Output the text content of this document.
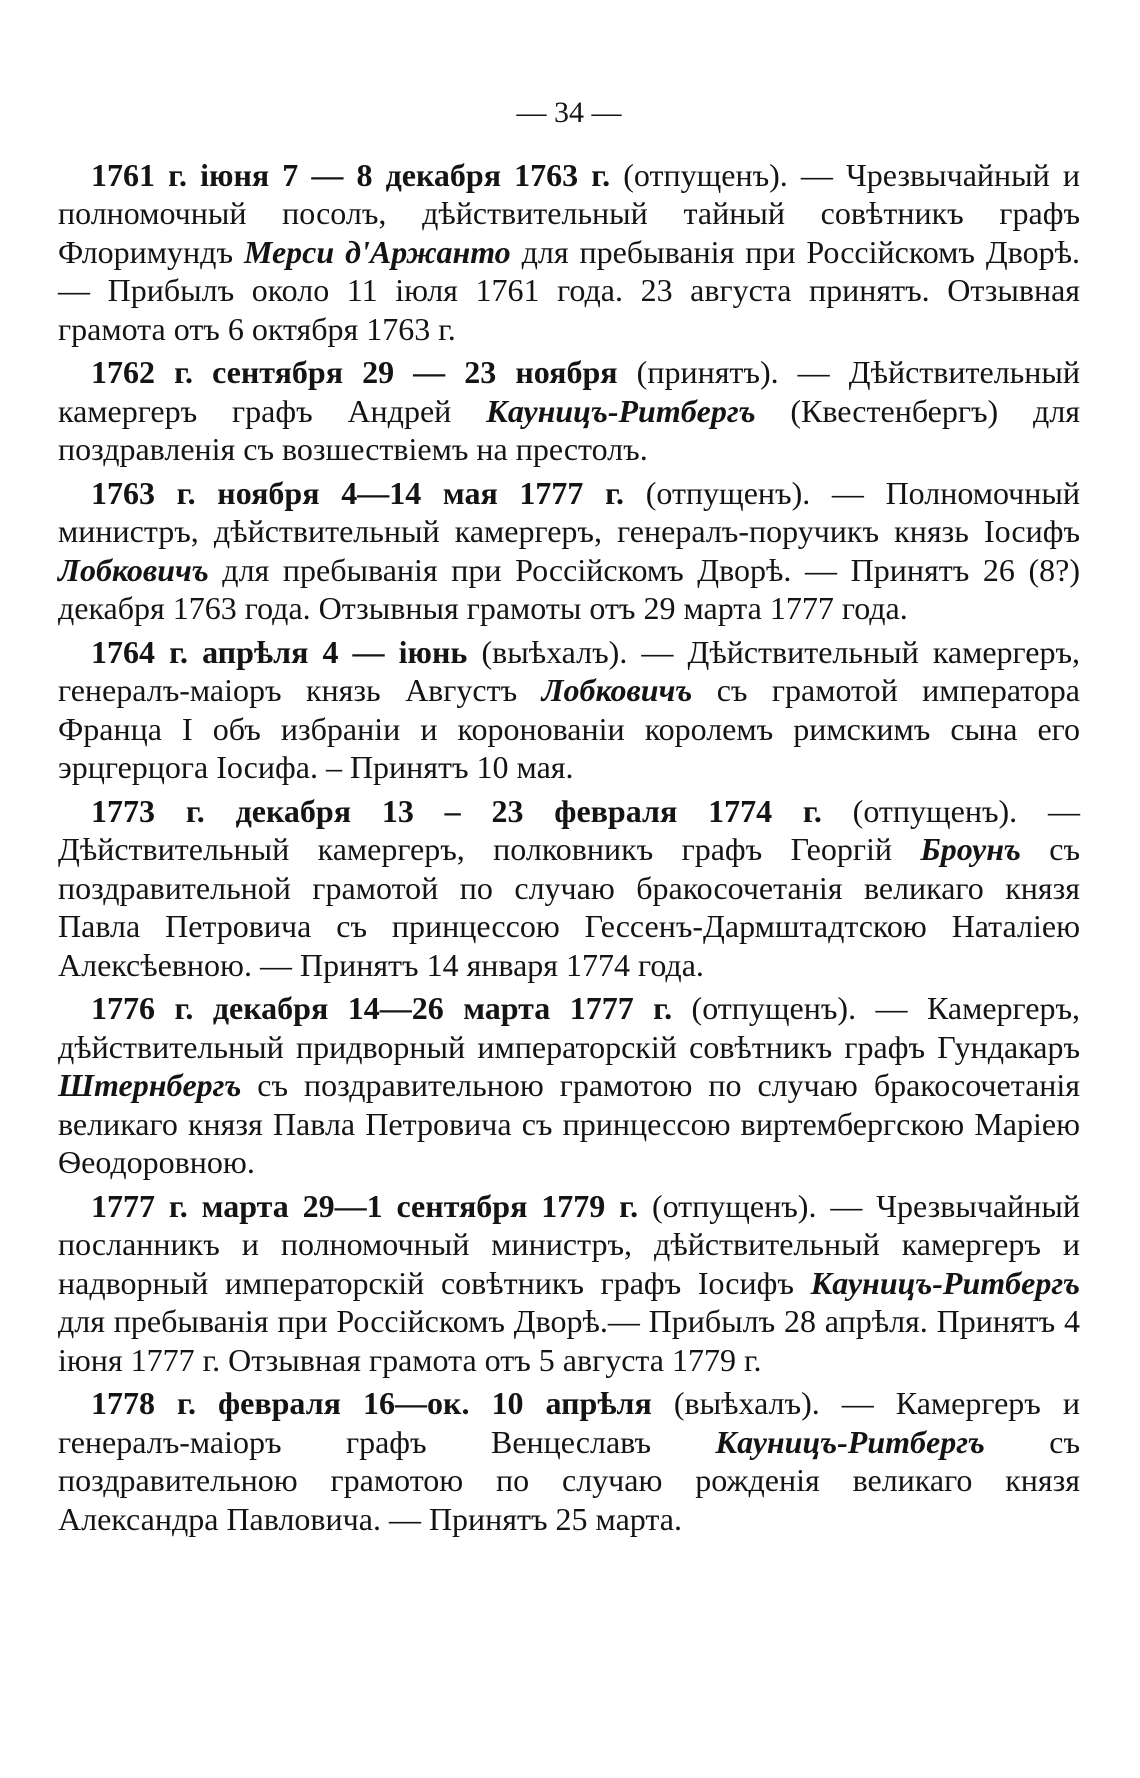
— 34 —

1761 г. іюня 7 — 8 декабря 1763 г. (отпущенъ). — Чрезвычайный и полномочный посолъ, дѣйствительный тайный совѣтникъ графъ Флоримундъ Мерси д'Аржанто для пребыванія при Россійскомъ Дворѣ. — Прибылъ около 11 іюля 1761 года. 23 августа принятъ. Отзывная грамота отъ 6 октября 1763 г.

1762 г. сентября 29 — 23 ноября (принятъ). — Дѣйствительный камергеръ графъ Андрей Кауницъ-Ритбергъ (Квестенбергъ) для поздравленія съ возшествіемъ на престолъ.

1763 г. ноября 4—14 мая 1777 г. (отпущенъ). — Полномочный министръ, дѣйствительный камергеръ, генералъ-поручикъ князь Іосифъ Лобковичъ для пребыванія при Россійскомъ Дворѣ. — Принятъ 26 (8?) декабря 1763 года. Отзывныя грамоты отъ 29 марта 1777 года.

1764 г. апрѣля 4 — іюнь (выѣхалъ). — Дѣйствительный камергеръ, генералъ-маіоръ князь Августъ Лобковичъ съ грамотой императора Франца I объ избраніи и коронованіи королемъ римскимъ сына его эрцгерцога Іосифа. – Принятъ 10 мая.

1773 г. декабря 13 – 23 февраля 1774 г. (отпущенъ). — Дѣйствительный камергеръ, полковникъ графъ Георгій Броунъ съ поздравительной грамотой по случаю бракосочетанія великаго князя Павла Петровича съ принцессою Гессенъ-Дармштадтскою Наталіею Алексѣевною. — Принятъ 14 января 1774 года.

1776 г. декабря 14—26 марта 1777 г. (отпущенъ). — Камергеръ, дѣйствительный придворный императорскій совѣтникъ графъ Гундакаръ Штернбергъ съ поздравительною грамотою по случаю бракосочетанія великаго князя Павла Петровича съ принцессою виртембергскою Маріею Ѳеодоровною.

1777 г. марта 29—1 сентября 1779 г. (отпущенъ). — Чрезвычайный посланникъ и полномочный министръ, дѣйствительный камергеръ и надворный императорскій совѣтникъ графъ Іосифъ Кауницъ-Ритбергъ для пребыванія при Россійскомъ Дворѣ.— Прибылъ 28 апрѣля. Принятъ 4 іюня 1777 г. Отзывная грамота отъ 5 августа 1779 г.

1778 г. февраля 16—ок. 10 апрѣля (выѣхалъ). — Камергеръ и генералъ-маіоръ графъ Венцеславъ Кауницъ-Ритбергъ съ поздравительною грамотою по случаю рожденія великаго князя Александра Павловича. — Принятъ 25 марта.
